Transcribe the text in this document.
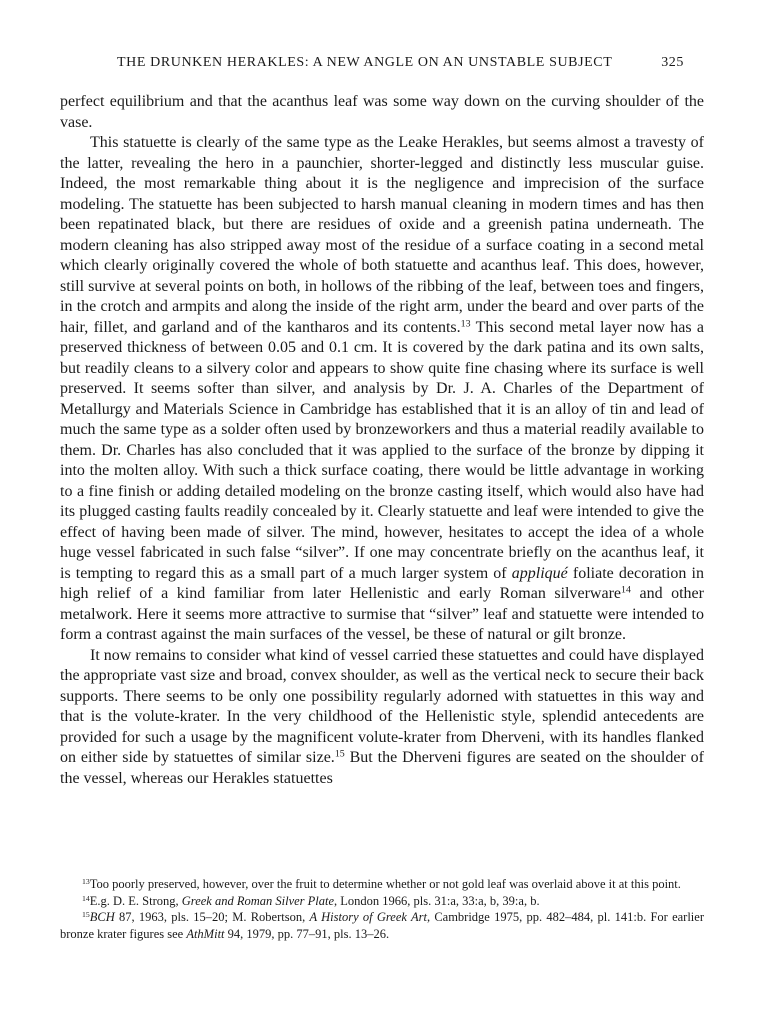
THE DRUNKEN HERAKLES: A NEW ANGLE ON AN UNSTABLE SUBJECT	325

perfect equilibrium and that the acanthus leaf was some way down on the curving shoulder of the vase.

This statuette is clearly of the same type as the Leake Herakles, but seems almost a travesty of the latter, revealing the hero in a paunchier, shorter-legged and distinctly less muscular guise. Indeed, the most remarkable thing about it is the negligence and imprecision of the surface modeling. The statuette has been subjected to harsh manual cleaning in modern times and has then been repatinated black, but there are residues of oxide and a greenish patina underneath. The modern cleaning has also stripped away most of the residue of a surface coating in a second metal which clearly originally covered the whole of both statuette and acanthus leaf. This does, however, still survive at several points on both, in hollows of the ribbing of the leaf, between toes and fingers, in the crotch and armpits and along the inside of the right arm, under the beard and over parts of the hair, fillet, and garland and of the kantharos and its contents.$^{13}$ This second metal layer now has a preserved thickness of between 0.05 and 0.1 cm. It is covered by the dark patina and its own salts, but readily cleans to a silvery color and appears to show quite fine chasing where its surface is well preserved. It seems softer than silver, and analysis by Dr. J. A. Charles of the Department of Metallurgy and Materials Science in Cambridge has established that it is an alloy of tin and lead of much the same type as a solder often used by bronzeworkers and thus a material readily available to them. Dr. Charles has also concluded that it was applied to the surface of the bronze by dipping it into the molten alloy. With such a thick surface coating, there would be little advantage in working to a fine finish or adding detailed modeling on the bronze casting itself, which would also have had its plugged casting faults readily concealed by it. Clearly statuette and leaf were intended to give the effect of having been made of silver. The mind, however, hesitates to accept the idea of a whole huge vessel fabricated in such false “silver”. If one may concentrate briefly on the acanthus leaf, it is tempting to regard this as a small part of a much larger system of appliqué foliate decoration in high relief of a kind familiar from later Hellenistic and early Roman silverware$^{14}$ and other metalwork. Here it seems more attractive to surmise that “silver” leaf and statuette were intended to form a contrast against the main surfaces of the vessel, be these of natural or gilt bronze.

It now remains to consider what kind of vessel carried these statuettes and could have displayed the appropriate vast size and broad, convex shoulder, as well as the vertical neck to secure their back supports. There seems to be only one possibility regularly adorned with statuettes in this way and that is the volute-krater. In the very childhood of the Hellenistic style, splendid antecedents are provided for such a usage by the magnificent volute-krater from Dherveni, with its handles flanked on either side by statuettes of similar size.$^{15}$ But the Dherveni figures are seated on the shoulder of the vessel, whereas our Herakles statuettes

$^{13}$Too poorly preserved, however, over the fruit to determine whether or not gold leaf was overlaid above it at this point.

$^{14}$E.g. D. E. Strong, Greek and Roman Silver Plate, London 1966, pls. 31:a, 33:a, b, 39:a, b.

$^{15}$BCH 87, 1963, pls. 15–20; M. Robertson, A History of Greek Art, Cambridge 1975, pp. 482–484, pl. 141:b. For earlier bronze krater figures see AthMitt 94, 1979, pp. 77–91, pls. 13–26.
